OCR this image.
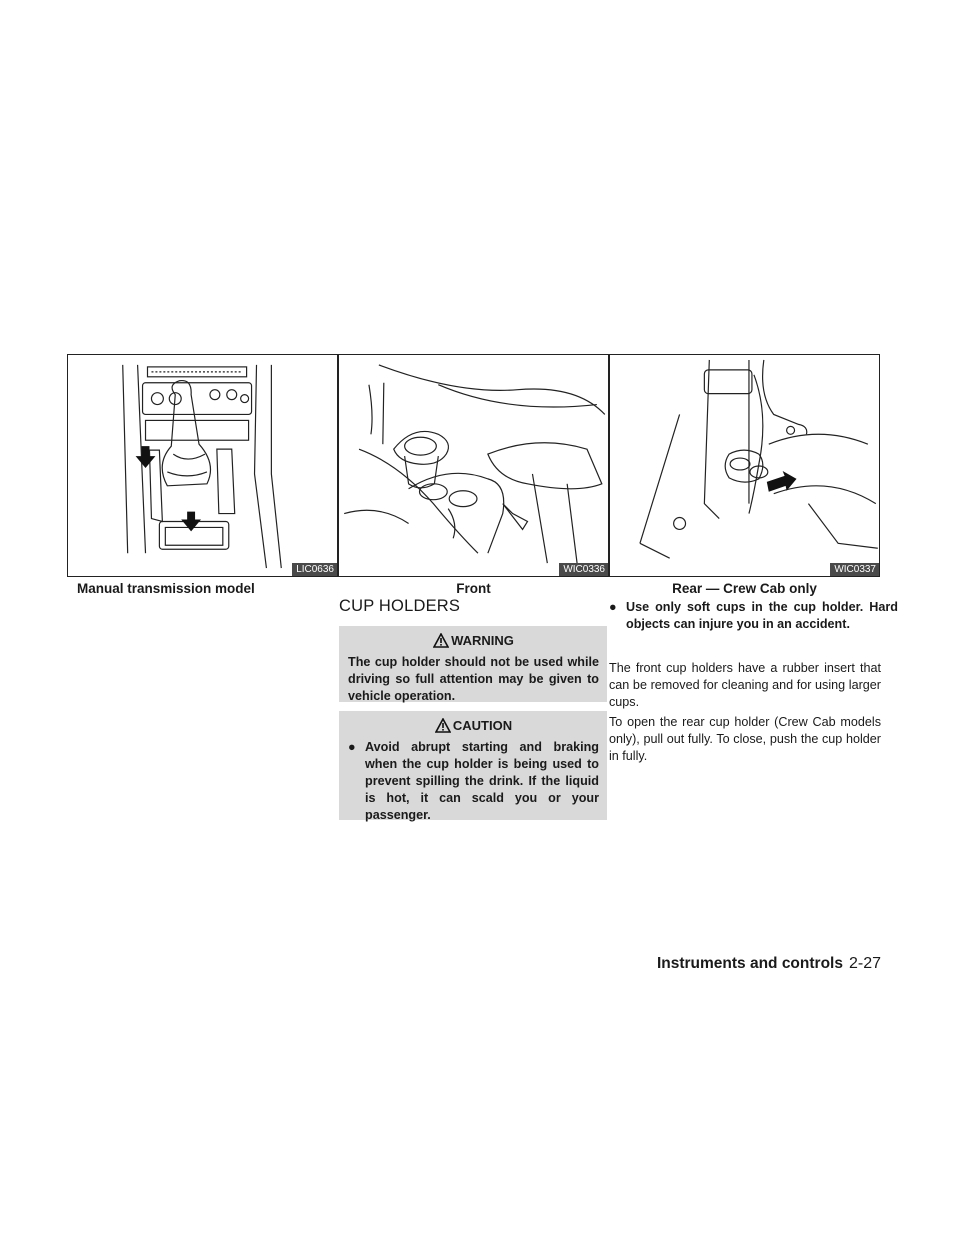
LIC0636
Manual transmission model
WIC0336
Front
WIC0337
Rear — Crew Cab only
CUP HOLDERS
WARNING
The cup holder should not be used while driving so full attention may be given to vehicle operation.
CAUTION
● Avoid abrupt starting and braking when the cup holder is being used to prevent spilling the drink. If the liquid is hot, it can scald you or your passenger.
● Use only soft cups in the cup holder. Hard objects can injure you in an accident.
The front cup holders have a rubber insert that can be removed for cleaning and for using larger cups.
To open the rear cup holder (Crew Cab models only), pull out fully. To close, push the cup holder in fully.
Instruments and controls 2-27
